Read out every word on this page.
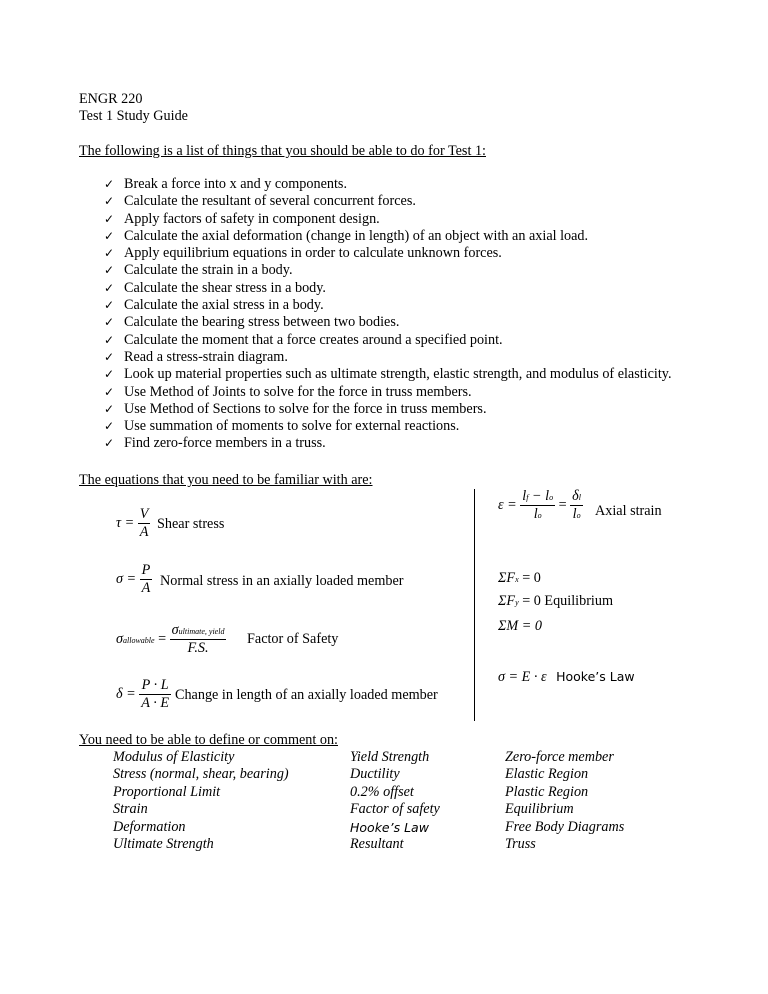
ENGR 220
Test 1 Study Guide
The following is a list of things that you should be able to do for Test 1:
✓ Break a force into x and y components.
✓ Calculate the resultant of several concurrent forces.
✓ Apply factors of safety in component design.
✓ Calculate the axial deformation (change in length) of an object with an axial load.
✓ Apply equilibrium equations in order to calculate unknown forces.
✓ Calculate the strain in a body.
✓ Calculate the shear stress in a body.
✓ Calculate the axial stress in a body.
✓ Calculate the bearing stress between two bodies.
✓ Calculate the moment that a force creates around a specified point.
✓ Read a stress-strain diagram.
✓ Look up material properties such as ultimate strength, elastic strength, and modulus of elasticity.
✓ Use Method of Joints to solve for the force in truss members.
✓ Use Method of Sections to solve for the force in truss members.
✓ Use summation of moments to solve for external reactions.
✓ Find zero-force members in a truss.
The equations that you need to be familiar with are:
$\tau = \frac{V}{A}$ Shear stress
$\sigma = \frac{P}{A}$ Normal stress in an axially loaded member
σallowable = $\frac{\text{σultimate, yield}}{F.S.}$ Factor of Safety
$\delta = \frac{P \cdot L}{A \cdot E}$ Change in length of an axially loaded member
$\varepsilon = \frac{lf - lo}{lo} = \frac{\delta l}{lo}$ Axial strain
ΣFx = 0
ΣFy = 0 Equilibrium
ΣM = 0
σ = E · ε Hooke’s Law
You need to be able to define or comment on:
Modulus of Elasticity
Stress (normal, shear, bearing)
Proportional Limit
Strain
Deformation
Ultimate Strength
Yield Strength
Ductility
0.2% offset
Factor of safety
Hooke’s Law
Resultant
Zero-force member
Elastic Region
Plastic Region
Equilibrium
Free Body Diagrams
Truss
